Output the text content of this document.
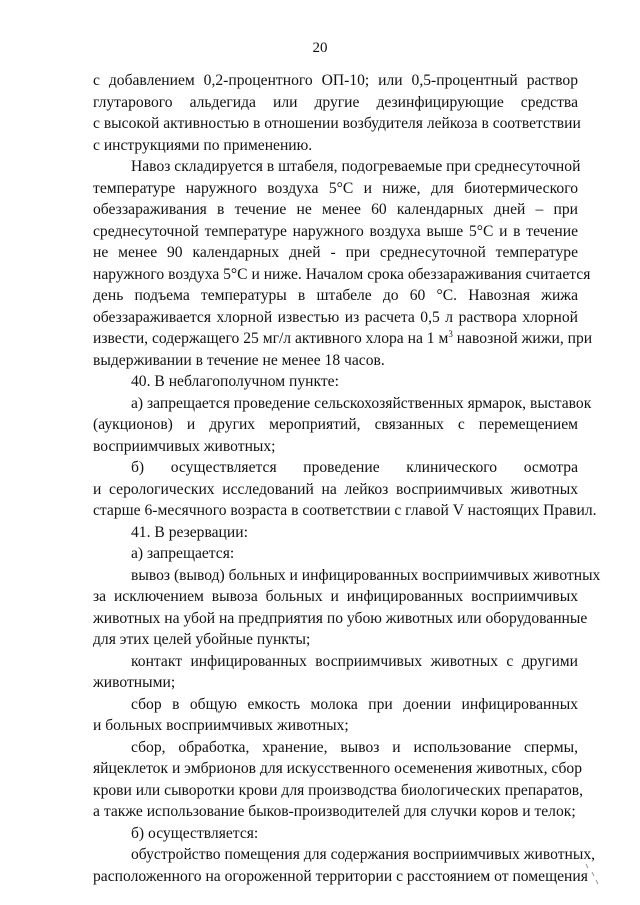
20
с добавлением 0,2-процентного ОП-10; или 0,5-процентный раствор
глутарового альдегида или другие дезинфицирующие средства
с высокой активностью в отношении возбудителя лейкоза в соответствии
с инструкциями по применению.
Навоз складируется в штабеля, подогреваемые при среднесуточной
температуре наружного воздуха 5°С и ниже, для биотермического
обеззараживания в течение не менее 60 календарных дней – при
среднесуточной температуре наружного воздуха выше 5°С и в течение
не менее 90 календарных дней - при среднесуточной температуре
наружного воздуха 5°С и ниже. Началом срока обеззараживания считается
день подъема температуры в штабеле до 60 °С. Навозная жижа
обеззараживается хлорной известью из расчета 0,5 л раствора хлорной
извести, содержащего 25 мг/л активного хлора на 1 $м^3$ навозной жижи, при
выдерживании в течение не менее 18 часов.
40. В неблагополучном пункте:
а) запрещается проведение сельскохозяйственных ярмарок, выставок
(аукционов) и других мероприятий, связанных с перемещением
восприимчивых животных;
б) осуществляется проведение клинического осмотра
и серологических исследований на лейкоз восприимчивых животных
старше 6-месячного возраста в соответствии с главой V настоящих Правил.
41. В резервации:
а) запрещается:
вывоз (вывод) больных и инфицированных восприимчивых животных
за исключением вывоза больных и инфицированных восприимчивых
животных на убой на предприятия по убою животных или оборудованные
для этих целей убойные пункты;
контакт инфицированных восприимчивых животных с другими
животными;
сбор в общую емкость молока при доении инфицированных
и больных восприимчивых животных;
сбор, обработка, хранение, вывоз и использование спермы,
яйцеклеток и эмбрионов для искусственного осеменения животных, сбор
крови или сыворотки крови для производства биологических препаратов,
а также использование быков-производителей для случки коров и телок;
б) осуществляется:
обустройство помещения для содержания восприимчивых животных,
расположенного на огороженной территории с расстоянием от помещения
